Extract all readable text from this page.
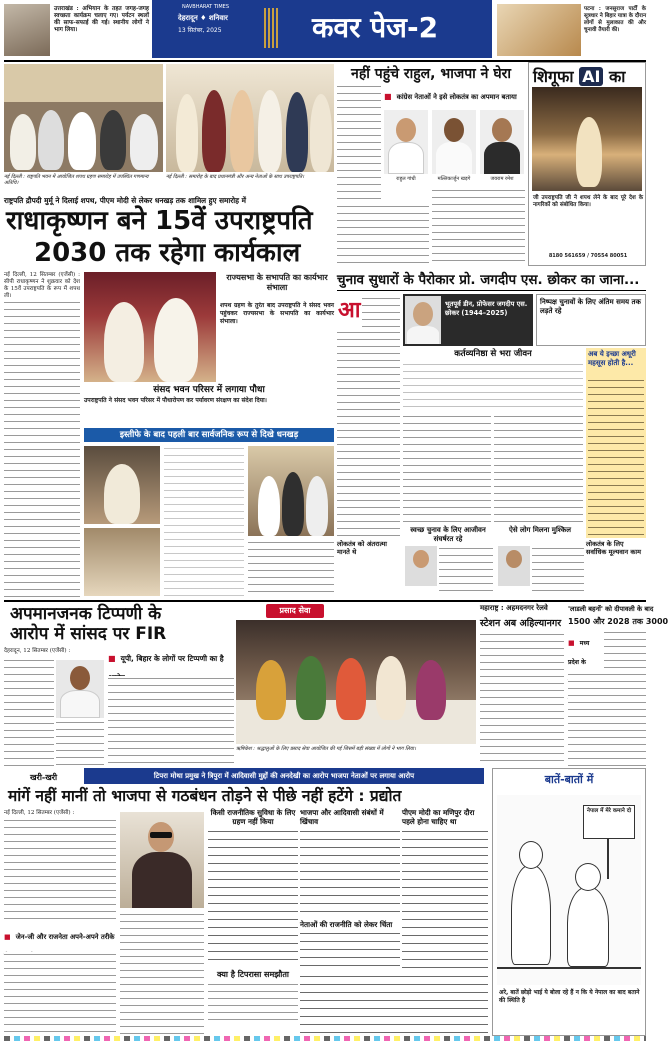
उत्तराखंड : अभियान के तहत जगह-जगह स्वच्छता कार्यक्रम चलाए गए। पर्यटन स्थलों की साफ-सफाई की गई। स्थानीय लोगों ने भाग लिया।
NAVBHARAT TIMES
देहरादून ♦ शनिवार
13 सितंबर, 2025	कवर पेज-2
पटना : जनसुराज पार्टी के सूत्रधार ने बिहार यात्रा के दौरान लोगों से मुलाकात की और चुनावी तैयारी की।
नई दिल्ली : राष्ट्रपति भवन में आयोजित शपथ ग्रहण समारोह में उपस्थित गणमान्य अतिथि।
नई दिल्ली : समारोह के बाद प्रधानमंत्री और अन्य नेताओं के साथ उपराष्ट्रपति।
नहीं पहुंचे राहुल, भाजपा ने घेरा
■ कांग्रेस नेताओं ने इसे लोकतंत्र का अपमान बताया
राहुल गांधी	मल्लिकार्जुन खड़गे	जयराम रमेश
शिगूफा AI का
जी उपराष्ट्रपति जी ने शपथ लेने के बाद पूरे देश के नागरिकों को संबोधित किया।
8180 561659 / 70554 80051
राष्ट्रपति द्रौपदी मुर्मू ने दिलाई शपथ, पीएम मोदी से लेकर धनखड़ तक शामिल हुए समारोह में
राधाकृष्णन बने 15वें उपराष्ट्रपति
2030 तक रहेगा कार्यकाल
नई दिल्ली, 12 सितम्बर (एजेंसी) : सीपी राधाकृष्णन ने शुक्रवार को देश के 15वें उपराष्ट्रपति के रूप में शपथ ली।
राज्यसभा के सभापति का कार्यभार संभाला
शपथ ग्रहण के तुरंत बाद उपराष्ट्रपति ने संसद भवन पहुंचकर राज्यसभा के सभापति का कार्यभार संभाला।
संसद भवन परिसर में लगाया पौधा
उपराष्ट्रपति ने संसद भवन परिसर में पौधारोपण कर पर्यावरण संरक्षण का संदेश दिया।
इस्तीफे के बाद पहली बार सार्वजनिक रूप से दिखे धनखड़
चुनाव सुधारों के पैरोकार प्रो. जगदीप एस. छोकर का जाना...
आ	भूतपूर्व डीन, प्रोफेसर जगदीप एस. छोकर (1944–2025)
निष्पक्ष चुनावों के लिए अंतिम समय तक लड़ते रहे
कर्तव्यनिष्ठा से भरा जीवन	अब ये इच्छा अधूरी महसूस होती है...
लोकतंत्र को अंतरात्मा मानते थे
स्वच्छ चुनाव के लिए आजीवन संघर्षरत रहे
ऐसे लोग मिलना मुश्किल
लोकतंत्र के लिए सर्वाधिक मूल्यवान काम
अपमानजनक टिप्पणी के
आरोप में सांसद पर FIR
देहरादून, 12 सितम्बर (एजेंसी) :
■ यूपी, बिहार के लोगों पर टिप्पणी का है
प्रसाद सेवा
ऋषिकेश : श्रद्धालुओं के लिए प्रसाद सेवा आयोजित की गई जिसमें बड़ी संख्या में लोगों ने भाग लिया।
महाराष्ट्र : अहमदनगर रेलवे
स्टेशन अब अहिल्यानगर
'लाडली बहनों' को दीपावली के बाद
1500 और 2028 तक 3000
■ मध्य प्रदेश के
खरी-खरी	टिपरा मोथा प्रमुख ने त्रिपुरा में आदिवासी मुद्दों की अनदेखी का आरोप भाजपा नेताओं पर लगाया आरोप
मांगें नहीं मानीं तो भाजपा से गठबंधन तोड़ने से पीछे नहीं हटेंगे : प्रद्योत
नई दिल्ली, 12 सितम्बर (एजेंसी) :
■ जेन-जी और राजनेता अपने-अपने तरीके
किसी राजनीतिक सुविधा के लिए ग्रहण नहीं किया
क्या है टिपरासा समझौता
भाजपा और आदिवासी संबंधों में खिंचाव
नेताओं की राजनीति को लेकर चिंता
पीएम मोदी का मणिपुर दौरा पहले होना चाहिए था
बातें-बातों में
नेपाल में मेरे कमाने दो
अरे, बातें छोड़ो भाई ये बोला रहे हैं न कि ये नेपाल का बाद बताने की स्थिति है
